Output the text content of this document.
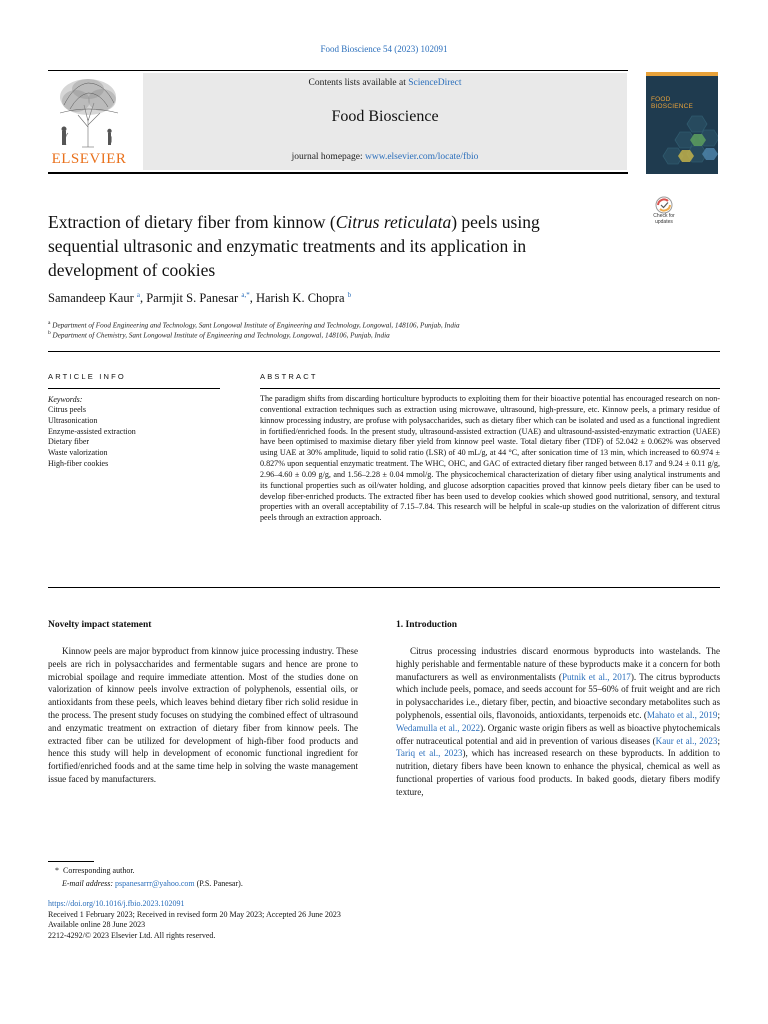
Food Bioscience 54 (2023) 102091
ELSEVIER
Contents lists available at ScienceDirect
Food Bioscience
journal homepage: www.elsevier.com/locate/fbio
FOOD
BIOSCIENCE
Check for updates
Extraction of dietary fiber from kinnow (Citrus reticulata) peels using
sequential ultrasonic and enzymatic treatments and its application in
development of cookies
Samandeep Kaur $^a$, Parmjit S. Panesar $^{a,*}$, Harish K. Chopra $^b$
$^a$ Department of Food Engineering and Technology, Sant Longowal Institute of Engineering and Technology, Longowal, 148106, Punjab, India
$^b$ Department of Chemistry, Sant Longowal Institute of Engineering and Technology, Longowal, 148106, Punjab, India
ARTICLE INFO
Keywords:
Citrus peels
Ultrasonication
Enzyme-assisted extraction
Dietary fiber
Waste valorization
High-fiber cookies
ABSTRACT
The paradigm shifts from discarding horticulture byproducts to exploiting them for their bioactive potential has encouraged research on non-conventional extraction techniques such as extraction using microwave, ultrasound, high-pressure, etc. Kinnow peels, a primary residue of kinnow processing industry, are profuse with polysaccharides, such as dietary fiber which can be isolated and used as a functional ingredient in fortified/enriched foods. In the present study, ultrasound-assisted extraction (UAE) and ultrasound-assisted-enzymatic extraction (UAEE) have been optimised to maximise dietary fiber yield from kinnow peel waste. Total dietary fiber (TDF) of 52.042 ± 0.062% was observed using UAE at 30% amplitude, liquid to solid ratio (LSR) of 40 mL/g, at 44 °C, after sonication time of 13 min, which increased to 60.974 ± 0.827% upon sequential enzymatic treatment. The WHC, OHC, and GAC of extracted dietary fiber ranged between 8.17 and 9.24 ± 0.11 g/g, 2.96–4.60 ± 0.09 g/g, and 1.56–2.28 ± 0.04 mmol/g. The physicochemical characterization of dietary fiber using analytical instruments and its functional properties such as oil/water holding, and glucose adsorption capacities proved that kinnow peels dietary fiber can be used to develop fiber-enriched products. The extracted fiber has been used to develop cookies which showed good nutritional, sensory, and textural properties with an overall acceptability of 7.15–7.84. This research will be helpful in scale-up studies on the valorization of different citrus peels through an extraction approach.
Novelty impact statement

Kinnow peels are major byproduct from kinnow juice processing industry. These peels are rich in polysaccharides and fermentable sugars and hence are prone to microbial spoilage and require immediate attention. Most of the studies done on valorization of kinnow peels involve extraction of polyphenols, essential oils, or antioxidants from these peels, which leaves behind dietary fiber rich solid residue in the process. The present study focuses on studying the combined effect of ultrasound and enzymatic treatment on extraction of dietary fiber from kinnow peels. The extracted fiber can be utilized for development of high-fiber food products and hence this study will help in development of economic functional ingredient for fortified/enriched foods and at the same time help in solving the waste management issue faced by manufacturers.

1. Introduction

Citrus processing industries discard enormous byproducts into wastelands. The highly perishable and fermentable nature of these byproducts make it a concern for both manufacturers as well as environmentalists (Putnik et al., 2017). The citrus byproducts which include peels, pomace, and seeds account for 55–60% of fruit weight and are rich in polysaccharides i.e., dietary fiber, pectin, and bioactive secondary metabolites such as polyphenols, essential oils, flavonoids, antioxidants, terpenoids etc. (Mahato et al., 2019; Wedamulla et al., 2022). Organic waste origin fibers as well as bioactive phytochemicals offer nutraceutical potential and aid in prevention of various diseases (Kaur et al., 2023; Tariq et al., 2023), which has increased research on these byproducts. In addition to nutrition, dietary fibers have been known to enhance the physical, chemical as well as functional properties of various food products. In baked goods, dietary fibers modify texture,

* Corresponding author.
E-mail address: pspanesarrr@yahoo.com (P.S. Panesar).
https://doi.org/10.1016/j.fbio.2023.102091
Received 1 February 2023; Received in revised form 20 May 2023; Accepted 26 June 2023
Available online 28 June 2023
2212-4292/© 2023 Elsevier Ltd. All rights reserved.
